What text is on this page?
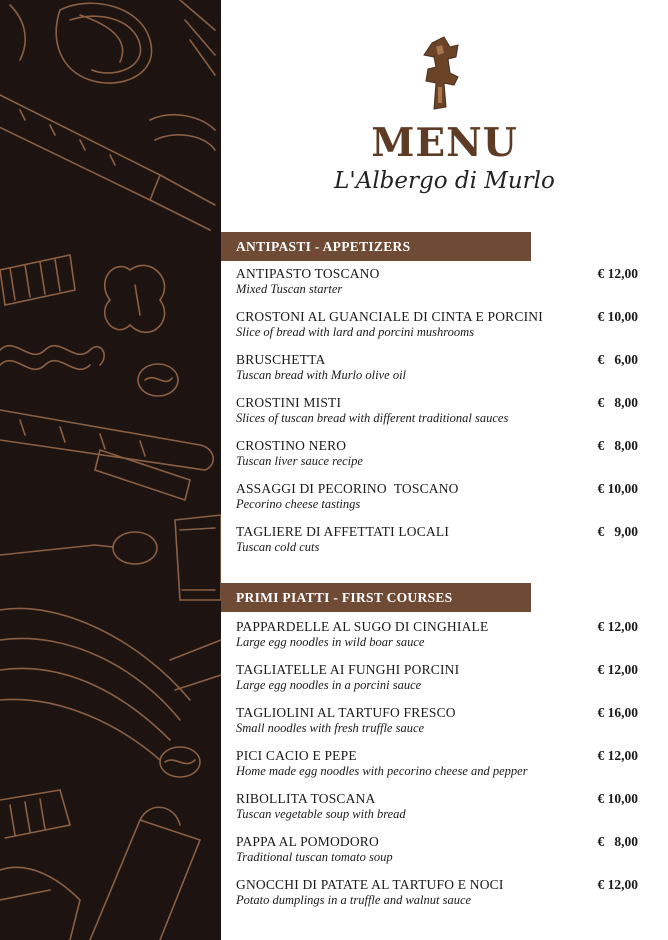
MENU
L'Albergo di Murlo
ANTIPASTI - APPETIZERS
ANTIPASTO TOSCANO
Mixed Tuscan starter
€ 12,00
CROSTONI AL GUANCIALE DI CINTA E PORCINI
Slice of bread with lard and porcini mushrooms
€ 10,00
BRUSCHETTA
Tuscan bread with Murlo olive oil
€   6,00
CROSTINI MISTI
Slices of tuscan bread with different traditional sauces
€   8,00
CROSTINO NERO
Tuscan liver sauce recipe
€   8,00
ASSAGGI DI PECORINO  TOSCANO
Pecorino cheese tastings
€ 10,00
TAGLIERE DI AFFETTATI LOCALI
Tuscan cold cuts
€   9,00
PRIMI PIATTI - FIRST COURSES
PAPPARDELLE AL SUGO DI CINGHIALE
Large egg noodles in wild boar sauce
€ 12,00
TAGLIATELLE AI FUNGHI PORCINI
Large egg noodles in a porcini sauce
€ 12,00
TAGLIOLINI AL TARTUFO FRESCO
Small noodles with fresh truffle sauce
€ 16,00
PICI CACIO E PEPE
Home made egg noodles with pecorino cheese and pepper
€ 12,00
RIBOLLITA TOSCANA
Tuscan vegetable soup with bread
€ 10,00
PAPPA AL POMODORO
Traditional tuscan tomato soup
€   8,00
GNOCCHI DI PATATE AL TARTUFO E NOCI
Potato dumplings in a truffle and walnut sauce
€ 12,00
